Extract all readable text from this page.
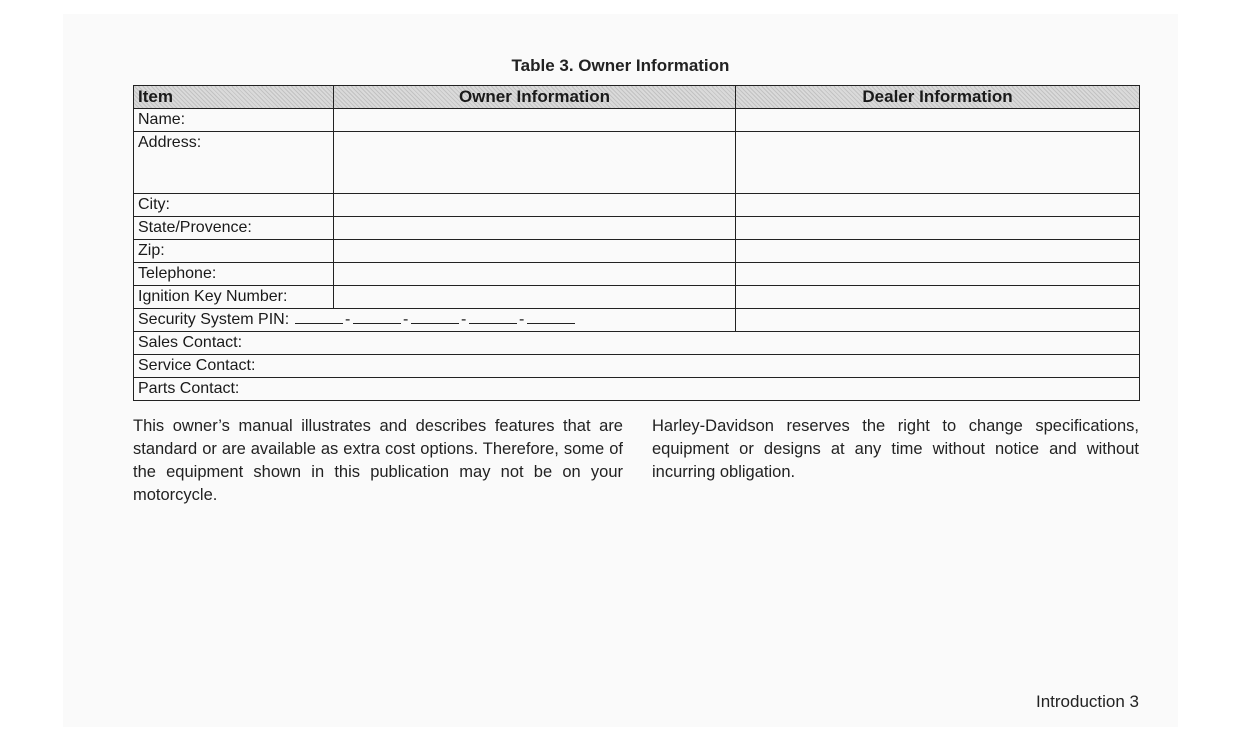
Table 3. Owner Information
Item	Owner Information	Dealer Information
Name:		
Address:		
City:		
State/Provence:		
Zip:		
Telephone:		
Ignition Key Number:		
Security System PIN: - - - -		
Sales Contact:		
Service Contact:		
Parts Contact:		
This owner’s manual illustrates and describes features that are standard or are available as extra cost options. Therefore, some of the equipment shown in this publication may not be on your motorcycle.
Harley-Davidson reserves the right to change specifications, equipment or designs at any time without notice and without incurring obligation.
Introduction 3
